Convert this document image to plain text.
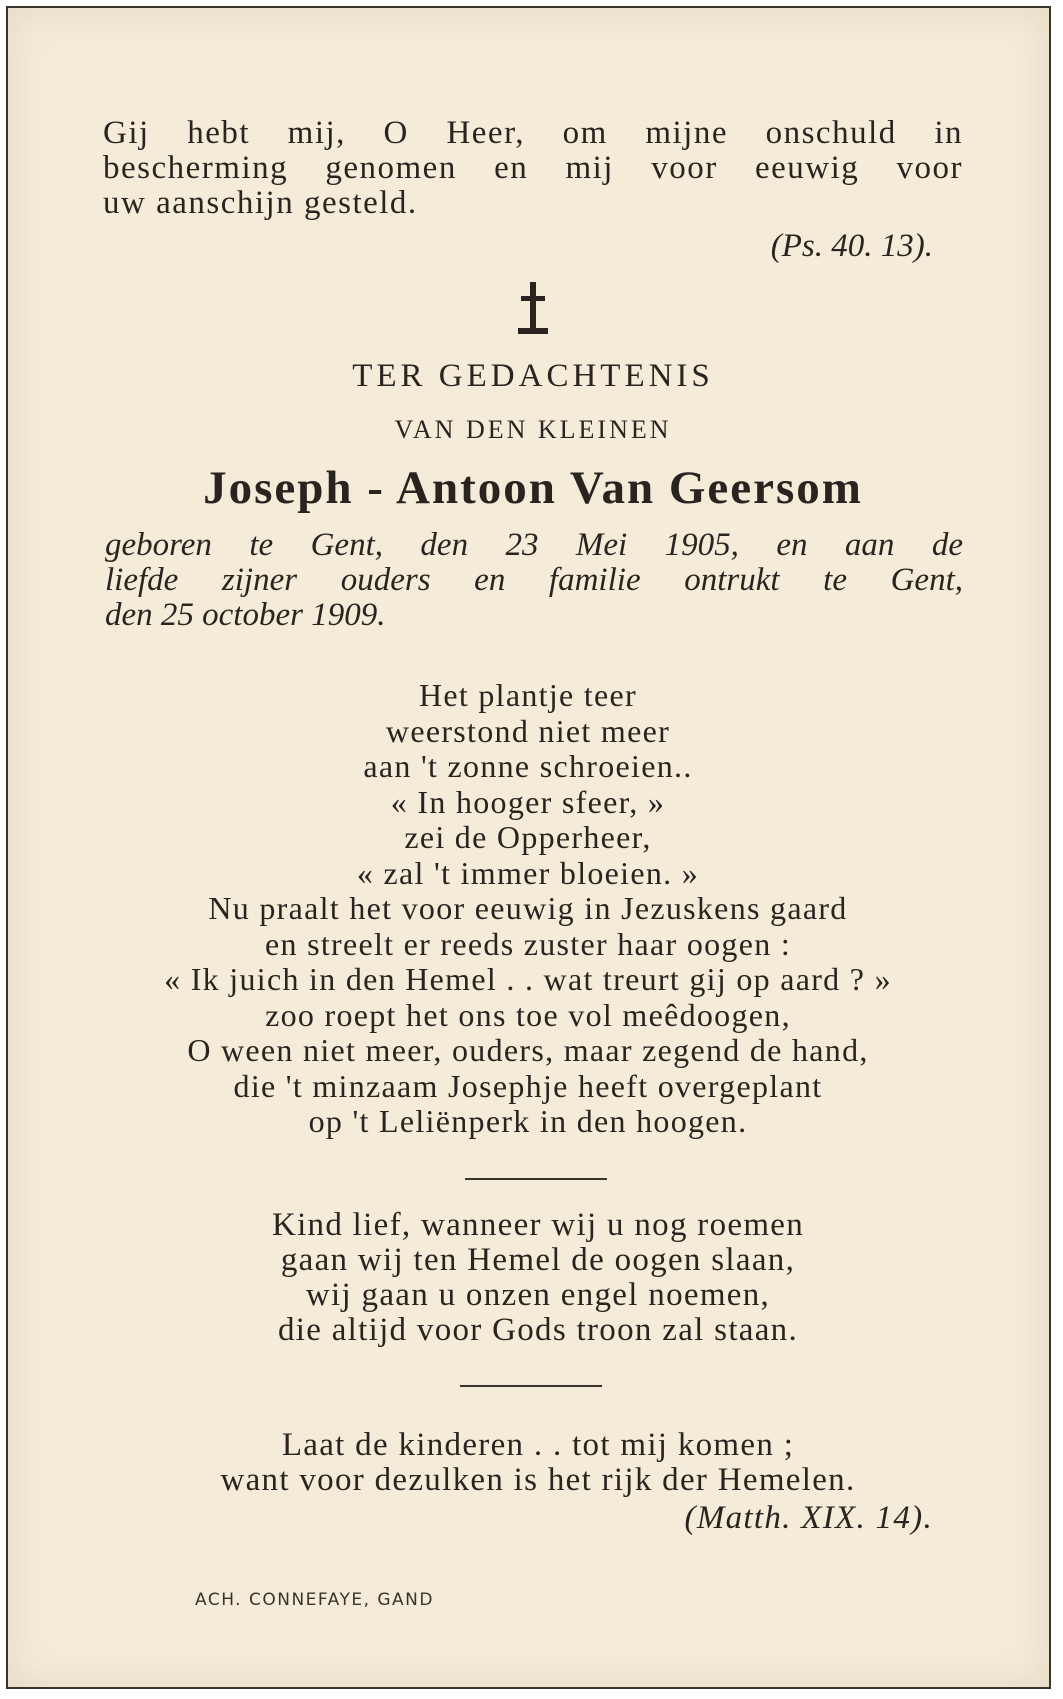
Gij hebt mij, O Heer, om mijne onschuld in
bescherming genomen en mij voor eeuwig voor
uw aanschijn gesteld.
(Ps. 40. 13).
TER GEDACHTENIS
VAN DEN KLEINEN
Joseph - Antoon Van Geersom
geboren te Gent, den 23 Mei 1905, en aan de
liefde zijner ouders en familie ontrukt te Gent,
den 25 october 1909.
Het plantje teer
weerstond niet meer
aan 't zonne schroeien..
« In hooger sfeer, »
zei de Opperheer,
« zal 't immer bloeien. »
Nu praalt het voor eeuwig in Jezuskens gaard
en streelt er reeds zuster haar oogen :
« Ik juich in den Hemel . . wat treurt gij op aard ? »
zoo roept het ons toe vol meêdoogen,
O ween niet meer, ouders, maar zegend de hand,
die 't minzaam Josephje heeft overgeplant
op 't Leliënperk in den hoogen.
Kind lief, wanneer wij u nog roemen
gaan wij ten Hemel de oogen slaan,
wij gaan u onzen engel noemen,
die altijd voor Gods troon zal staan.
Laat de kinderen . . tot mij komen ;
want voor dezulken is het rijk der Hemelen.
(Matth. XIX. 14).
ACH. CONNEFAYE, GAND
